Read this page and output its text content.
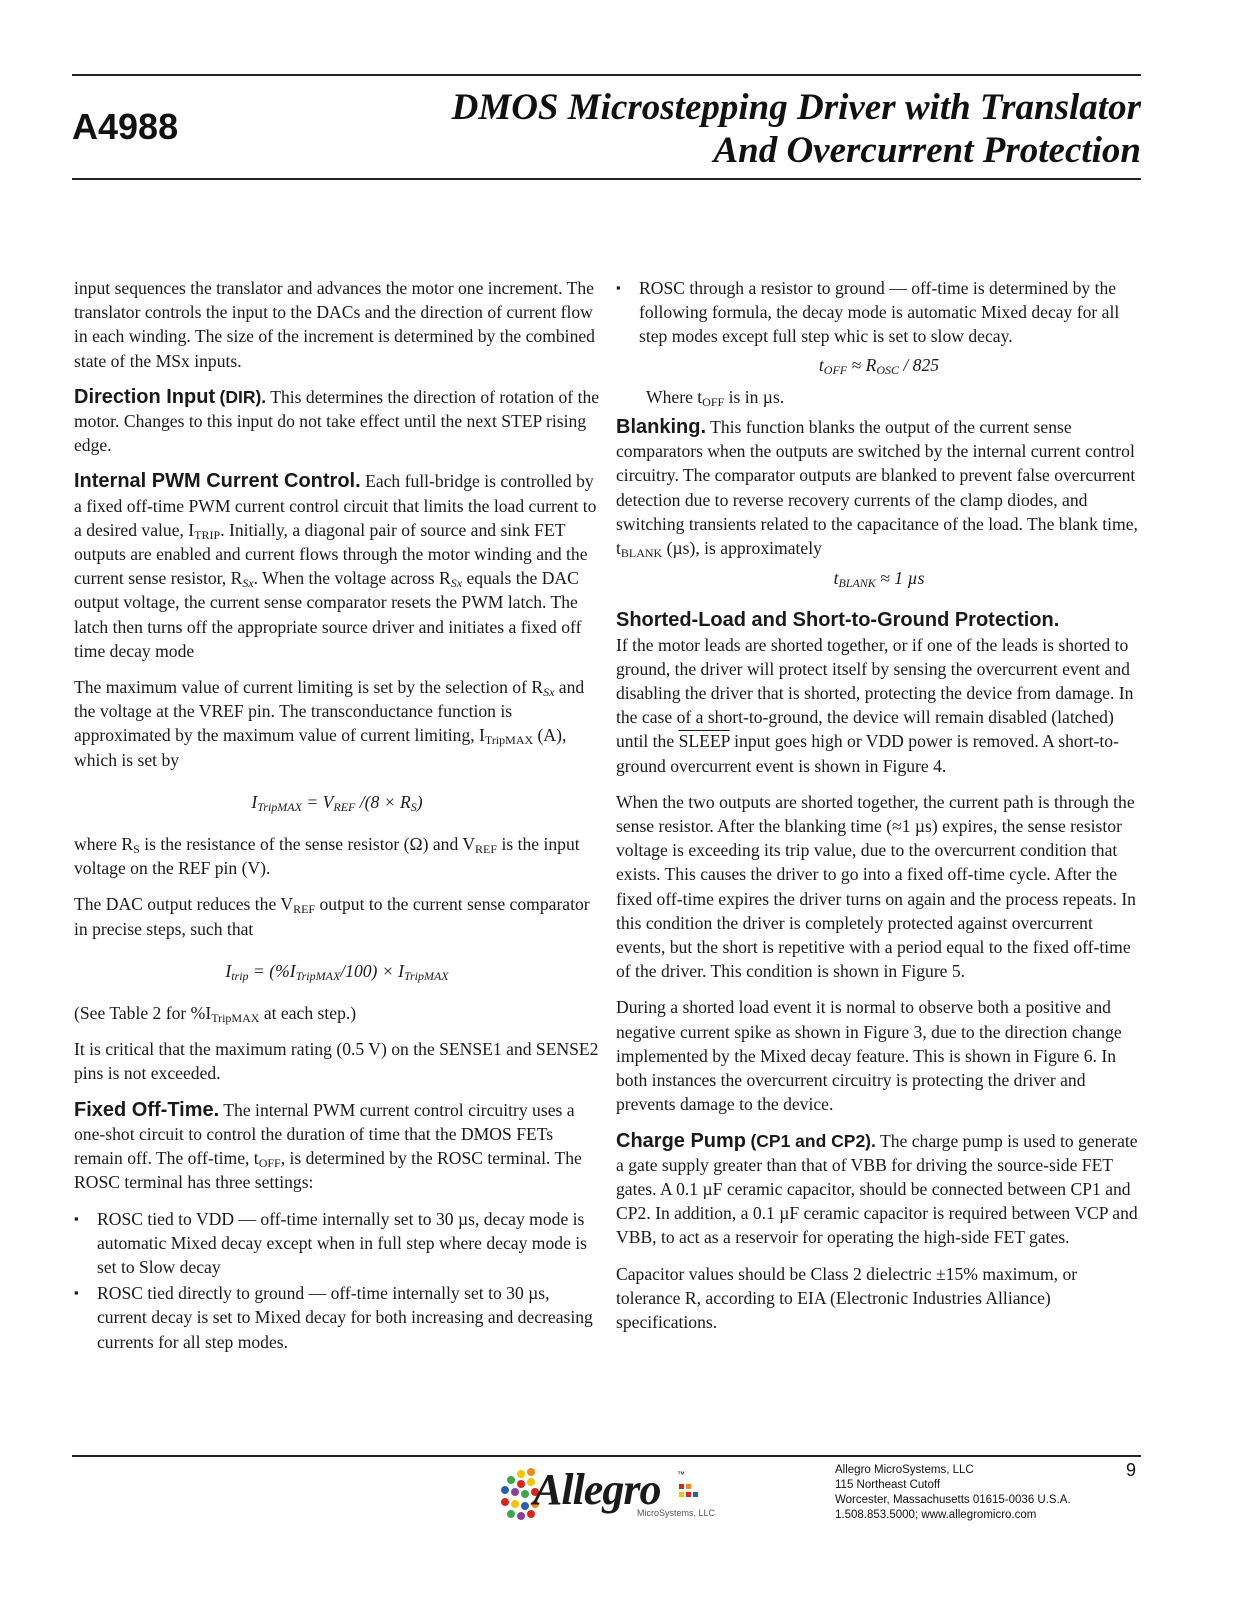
A4988	DMOS Microstepping Driver with Translator
And Overcurrent Protection

input sequences the translator and advances the motor one increment. The translator controls the input to the DACs and the direction of current flow in each winding. The size of the increment is determined by the combined state of the MSx inputs.

Direction Input (DIR). This determines the direction of rotation of the motor. Changes to this input do not take effect until the next STEP rising edge.

Internal PWM Current Control. Each full-bridge is controlled by a fixed off-time PWM current control circuit that limits the load current to a desired value, $I_{TRIP}$. Initially, a diagonal pair of source and sink FET outputs are enabled and current flows through the motor winding and the current sense resistor, $R_{Sx}$. When the voltage across $R_{Sx}$ equals the DAC output voltage, the current sense comparator resets the PWM latch. The latch then turns off the appropriate source driver and initiates a fixed off time decay mode

The maximum value of current limiting is set by the selection of $R_{Sx}$ and the voltage at the VREF pin. The transconductance function is approximated by the maximum value of current limiting, $I_{TripMAX}$ (A), which is set by

$I_{TripMAX} = V_{REF}$ $/(8 \times R_S)$

where $R_S$ is the resistance of the sense resistor (Ω) and $V_{REF}$ is the input voltage on the REF pin (V).

The DAC output reduces the $V_{REF}$ output to the current sense comparator in precise steps, such that

$I_{trip} = (\%I_{TripMAX}/100) \times I_{TripMAX}$

(See Table 2 for $\%I_{TripMAX}$ at each step.)

It is critical that the maximum rating (0.5 V) on the SENSE1 and SENSE2 pins is not exceeded.

Fixed Off-Time. The internal PWM current control circuitry uses a one-shot circuit to control the duration of time that the DMOS FETs remain off. The off-time, $t_{OFF}$, is determined by the ROSC terminal. The ROSC terminal has three settings:

▪ ROSC tied to VDD — off-time internally set to 30 µs, decay mode is automatic Mixed decay except when in full step where decay mode is set to Slow decay
▪ ROSC tied directly to ground — off-time internally set to 30 µs, current decay is set to Mixed decay for both increasing and decreasing currents for all step modes.
▪ ROSC through a resistor to ground — off-time is determined by the following formula, the decay mode is automatic Mixed decay for all step modes except full step whic is set to slow decay.
$t_{OFF} \approx R_{OSC} / 825$

Where $t_{OFF}$ is in µs.

Blanking. This function blanks the output of the current sense comparators when the outputs are switched by the internal current control circuitry. The comparator outputs are blanked to prevent false overcurrent detection due to reverse recovery currents of the clamp diodes, and switching transients related to the capacitance of the load. The blank time, $t_{BLANK}$ (µs), is approximately

$t_{BLANK} \approx 1$ µs
Shorted-Load and Short-to-Ground Protection.

If the motor leads are shorted together, or if one of the leads is shorted to ground, the driver will protect itself by sensing the overcurrent event and disabling the driver that is shorted, protecting the device from damage. In the case of a short-to-ground, the device will remain disabled (latched) until the SLEEP input goes high or VDD power is removed. A short-to-ground overcurrent event is shown in Figure 4.

When the two outputs are shorted together, the current path is through the sense resistor. After the blanking time (≈1 µs) expires, the sense resistor voltage is exceeding its trip value, due to the overcurrent condition that exists. This causes the driver to go into a fixed off-time cycle. After the fixed off-time expires the driver turns on again and the process repeats. In this condition the driver is completely protected against overcurrent events, but the short is repetitive with a period equal to the fixed off-time of the driver. This condition is shown in Figure 5.

During a shorted load event it is normal to observe both a positive and negative current spike as shown in Figure 3, due to the direction change implemented by the Mixed decay feature. This is shown in Figure 6. In both instances the overcurrent circuitry is protecting the driver and prevents damage to the device.

Charge Pump (CP1 and CP2). The charge pump is used to generate a gate supply greater than that of VBB for driving the source-side FET gates. A 0.1 µF ceramic capacitor, should be connected between CP1 and CP2. In addition, a 0.1 µF ceramic capacitor is required between VCP and VBB, to act as a reservoir for operating the high-side FET gates.

Capacitor values should be Class 2 dielectric ±15% maximum, or tolerance R, according to EIA (Electronic Industries Alliance) specifications.

Allegro ™
MicroSystems, LLC
Allegro MicroSystems, LLC
115 Northeast Cutoff
Worcester, Massachusetts 01615-0036 U.S.A.
1.508.853.5000; www.allegromicro.com
9
